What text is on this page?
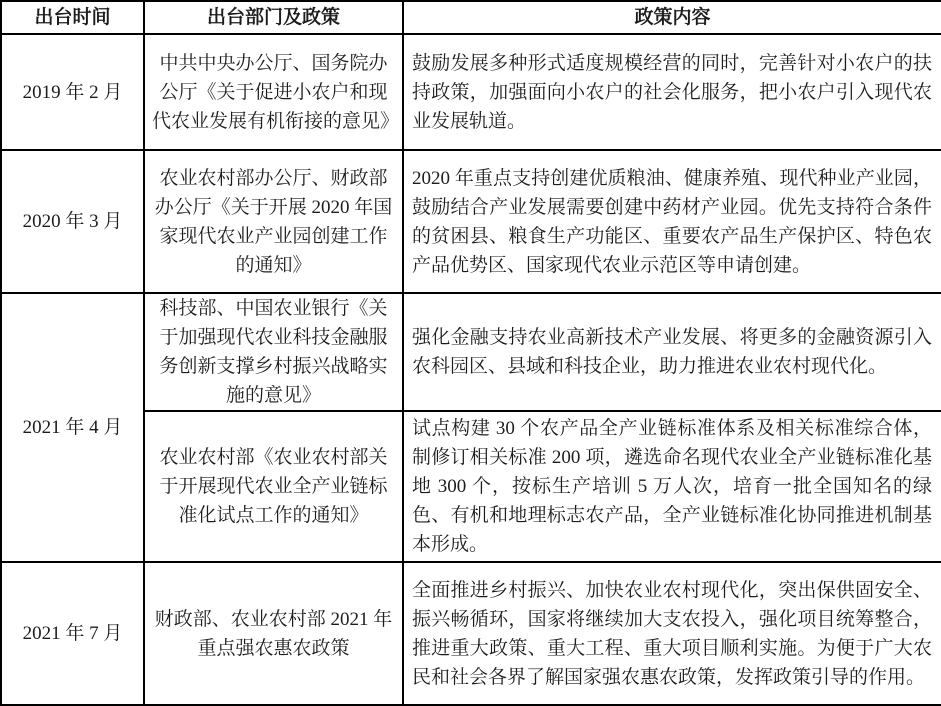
出台时间	出台部门及政策	政策内容
2019 年 2 月	中共中央办公厅、国务院办公厅《关于促进小农户和现代农业发展有机衔接的意见》	鼓励发展多种形式适度规模经营的同时，完善针对小农户的扶持政策，加强面向小农户的社会化服务，把小农户引入现代农业发展轨道。
2020 年 3 月	农业农村部办公厅、财政部办公厅《关于开展 2020 年国家现代农业产业园创建工作的通知》	2020 年重点支持创建优质粮油、健康养殖、现代种业产业园，鼓励结合产业发展需要创建中药材产业园。优先支持符合条件的贫困县、粮食生产功能区、重要农产品生产保护区、特色农产品优势区、国家现代农业示范区等申请创建。
2021 年 4 月	科技部、中国农业银行《关于加强现代农业科技金融服务创新支撑乡村振兴战略实施的意见》	强化金融支持农业高新技术产业发展、将更多的金融资源引入农科园区、县域和科技企业，助力推进农业农村现代化。
	农业农村部《农业农村部关于开展现代农业全产业链标准化试点工作的通知》	试点构建 30 个农产品全产业链标准体系及相关标准综合体，制修订相关标准 200 项，遴选命名现代农业全产业链标准化基地 300 个，按标生产培训 5 万人次，培育一批全国知名的绿色、有机和地理标志农产品，全产业链标准化协同推进机制基本形成。
2021 年 7 月	财政部、农业农村部 2021 年重点强农惠农政策	全面推进乡村振兴、加快农业农村现代化，突出保供固安全、振兴畅循环，国家将继续加大支农投入，强化项目统筹整合，推进重大政策、重大工程、重大项目顺利实施。为便于广大农民和社会各界了解国家强农惠农政策，发挥政策引导的作用。
